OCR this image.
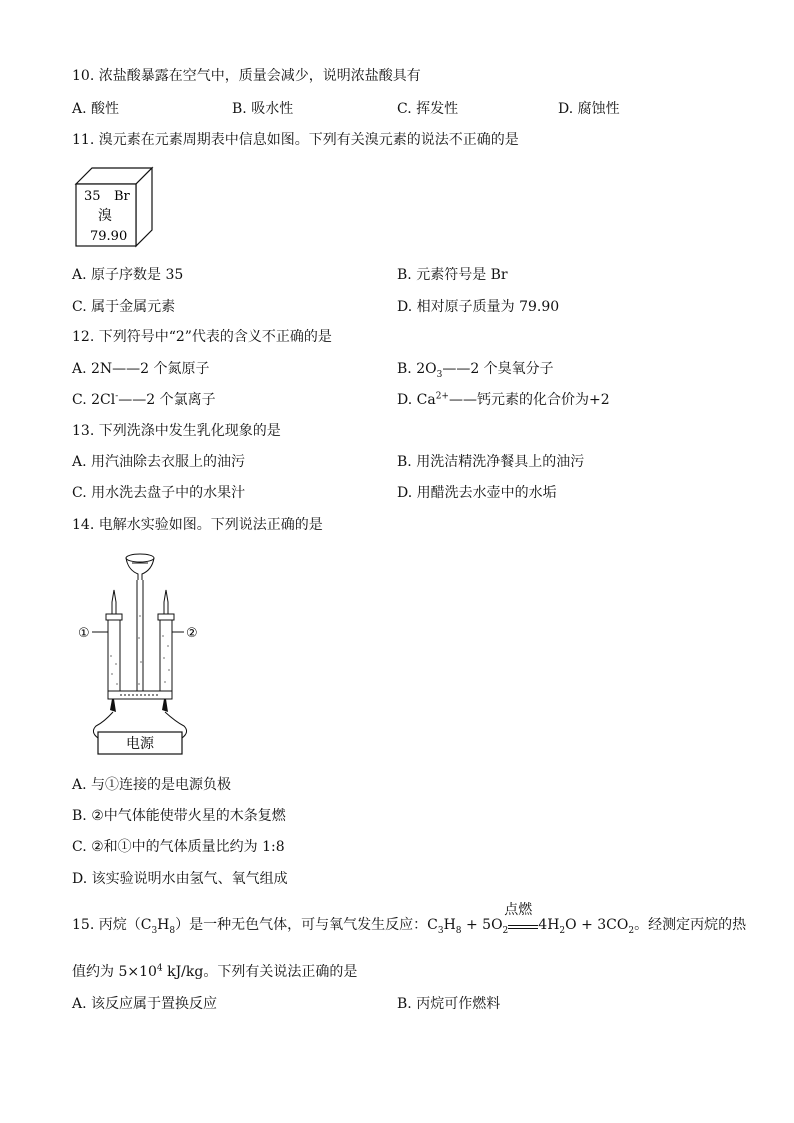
10. 浓盐酸暴露在空气中，质量会减少，说明浓盐酸具有
A. 酸性	B. 吸水性	C. 挥发性	D. 腐蚀性
11. 溴元素在元素周期表中信息如图。下列有关溴元素的说法不正确的是
35 Br
溴
79.90
A. 原子序数是 35	B. 元素符号是 Br
C. 属于金属元素	D. 相对原子质量为 79.90
12. 下列符号中“2”代表的含义不正确的是
A. 2N——2 个氮原子	B. $2O_3——2$ 个臭氧分子
C. 2Cl-——2 个氯离子	D. $Ca^{2+}——$钙元素的化合价为+2
13. 下列洗涤中发生乳化现象的是
A. 用汽油除去衣服上的油污	B. 用洗洁精洗净餐具上的油污
C. 用水洗去盘子中的水果汁	D. 用醋洗去水壶中的水垢
14. 电解水实验如图。下列说法正确的是
电源
①	②
A. 与①连接的是电源负极
B. ②中气体能使带火星的木条复燃
C. ②和①中的气体质量比约为 1:8
D. 该实验说明水由氢气、氧气组成
15. 丙烷$(C_3H_8)$是一种无色气体，可与氧气发生反应：$C_3H_8 + 5O_2$
点燃
$4H_2O + 3CO_2$。经测定丙烷的热
值约为 $5\times 10^4$ kJ/kg。下列有关说法正确的是
A. 该反应属于置换反应	B. 丙烷可作燃料
